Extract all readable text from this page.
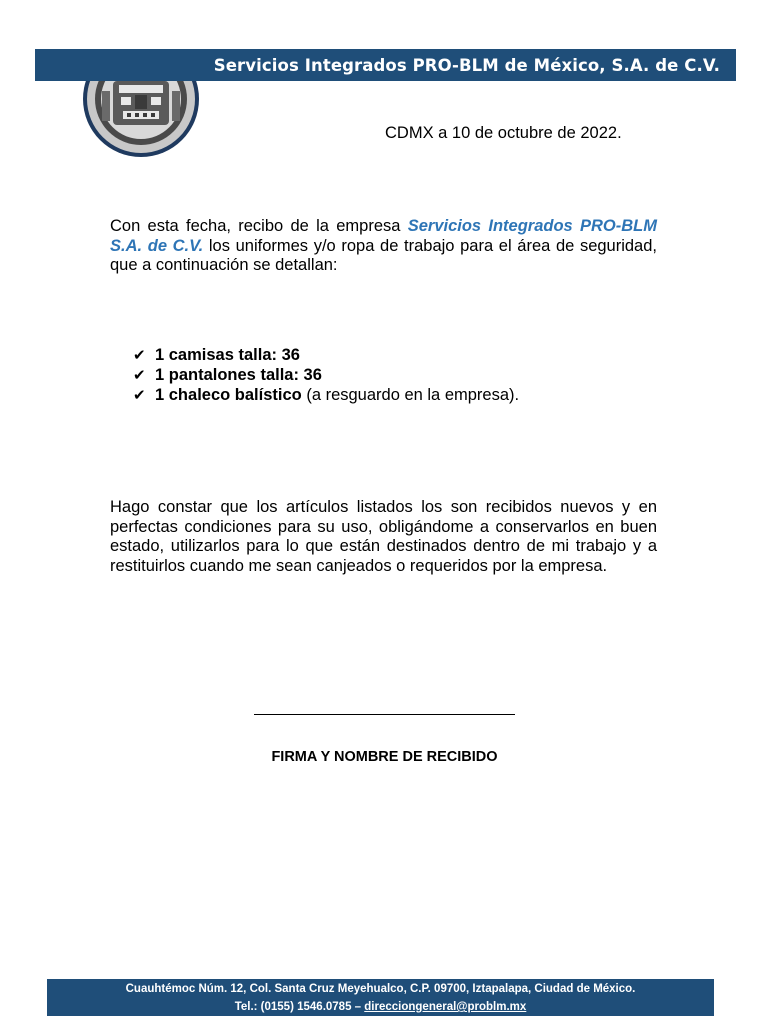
Servicios Integrados PRO-BLM de México, S.A. de C.V.
CDMX a 10 de octubre de 2022.
Con esta fecha, recibo de la empresa Servicios Integrados PRO-BLM S.A. de C.V. los uniformes y/o ropa de trabajo para el área de seguridad, que a continuación se detallan:
✔ 1 camisas talla: 36
✔ 1 pantalones talla: 36
✔ 1 chaleco balístico (a resguardo en la empresa).
Hago constar que los artículos listados los son recibidos nuevos y en perfectas condiciones para su uso, obligándome a conservarlos en buen estado, utilizarlos para lo que están destinados dentro de mi trabajo y a restituirlos cuando me sean canjeados o requeridos por la empresa.
FIRMA Y NOMBRE DE RECIBIDO
Cuauhtémoc Núm. 12, Col. Santa Cruz Meyehualco, C.P. 09700, Iztapalapa, Ciudad de México.
Tel.: (0155) 1546.0785 – direcciongeneral@problm.mx
